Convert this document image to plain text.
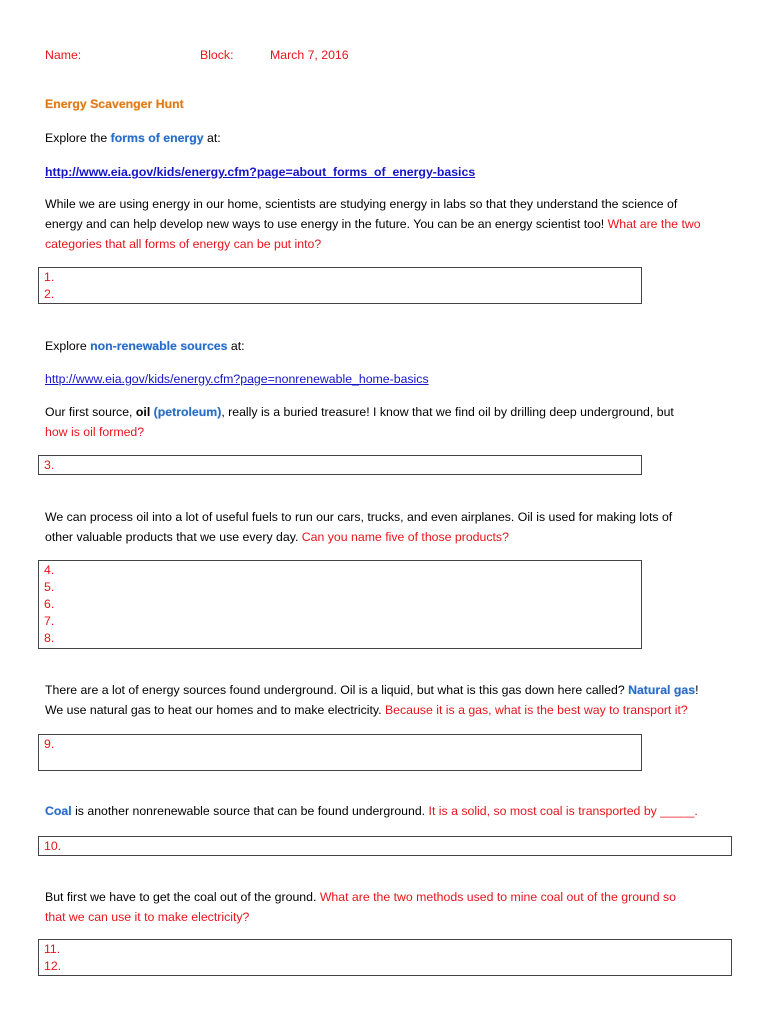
Name:	Block:	March 7, 2016
Energy Scavenger Hunt
Explore the forms of energy at:
http://www.eia.gov/kids/energy.cfm?page=about_forms_of_energy-basics
While we are using energy in our home, scientists are studying energy in labs so that they understand the science of
energy and can help develop new ways to use energy in the future. You can be an energy scientist too! What are the two
categories that all forms of energy can be put into?
1.
2.
Explore non-renewable sources at:
http://www.eia.gov/kids/energy.cfm?page=nonrenewable_home-basics
Our first source, oil (petroleum), really is a buried treasure! I know that we find oil by drilling deep underground, but
how is oil formed?
3.
We can process oil into a lot of useful fuels to run our cars, trucks, and even airplanes. Oil is used for making lots of
other valuable products that we use every day. Can you name five of those products?
4.
5.
6.
7.
8.
There are a lot of energy sources found underground. Oil is a liquid, but what is this gas down here called? Natural gas!
We use natural gas to heat our homes and to make electricity. Because it is a gas, what is the best way to transport it?
9.
Coal is another nonrenewable source that can be found underground. It is a solid, so most coal is transported by _____.
10.
But first we have to get the coal out of the ground. What are the two methods used to mine coal out of the ground so
that we can use it to make electricity?
11.
12.
